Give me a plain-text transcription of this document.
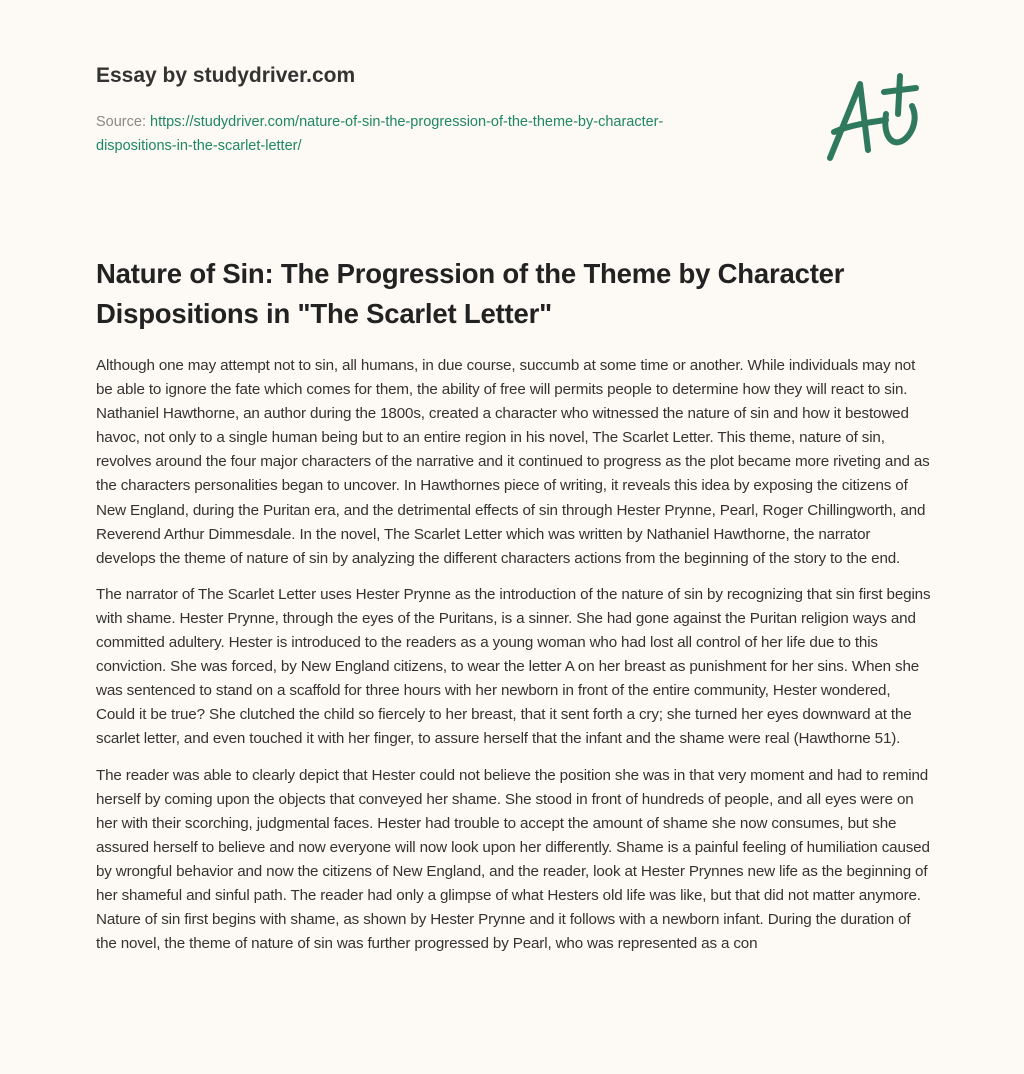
Essay by studydriver.com
Source: https://studydriver.com/nature-of-sin-the-progression-of-the-theme-by-character-dispositions-in-the-scarlet-letter/
Nature of Sin: The Progression of the Theme by Character Dispositions in "The Scarlet Letter"

Although one may attempt not to sin, all humans, in due course, succumb at some time or another. While individuals may not be able to ignore the fate which comes for them, the ability of free will permits people to determine how they will react to sin. Nathaniel Hawthorne, an author during the 1800s, created a character who witnessed the nature of sin and how it bestowed havoc, not only to a single human being but to an entire region in his novel, The Scarlet Letter. This theme, nature of sin, revolves around the four major characters of the narrative and it continued to progress as the plot became more riveting and as the characters personalities began to uncover. In Hawthornes piece of writing, it reveals this idea by exposing the citizens of New England, during the Puritan era, and the detrimental effects of sin through Hester Prynne, Pearl, Roger Chillingworth, and Reverend Arthur Dimmesdale. In the novel, The Scarlet Letter which was written by Nathaniel Hawthorne, the narrator develops the theme of nature of sin by analyzing the different characters actions from the beginning of the story to the end.

The narrator of The Scarlet Letter uses Hester Prynne as the introduction of the nature of sin by recognizing that sin first begins with shame. Hester Prynne, through the eyes of the Puritans, is a sinner. She had gone against the Puritan religion ways and committed adultery. Hester is introduced to the readers as a young woman who had lost all control of her life due to this conviction. She was forced, by New England citizens, to wear the letter A on her breast as punishment for her sins. When she was sentenced to stand on a scaffold for three hours with her newborn in front of the entire community, Hester wondered, Could it be true? She clutched the child so fiercely to her breast, that it sent forth a cry; she turned her eyes downward at the scarlet letter, and even touched it with her finger, to assure herself that the infant and the shame were real (Hawthorne 51).

The reader was able to clearly depict that Hester could not believe the position she was in that very moment and had to remind herself by coming upon the objects that conveyed her shame. She stood in front of hundreds of people, and all eyes were on her with their scorching, judgmental faces. Hester had trouble to accept the amount of shame she now consumes, but she assured herself to believe and now everyone will now look upon her differently. Shame is a painful feeling of humiliation caused by wrongful behavior and now the citizens of New England, and the reader, look at Hester Prynnes new life as the beginning of her shameful and sinful path. The reader had only a glimpse of what Hesters old life was like, but that did not matter anymore. Nature of sin first begins with shame, as shown by Hester Prynne and it follows with a newborn infant. During the duration of the novel, the theme of nature of sin was further progressed by Pearl, who was represented as a con
